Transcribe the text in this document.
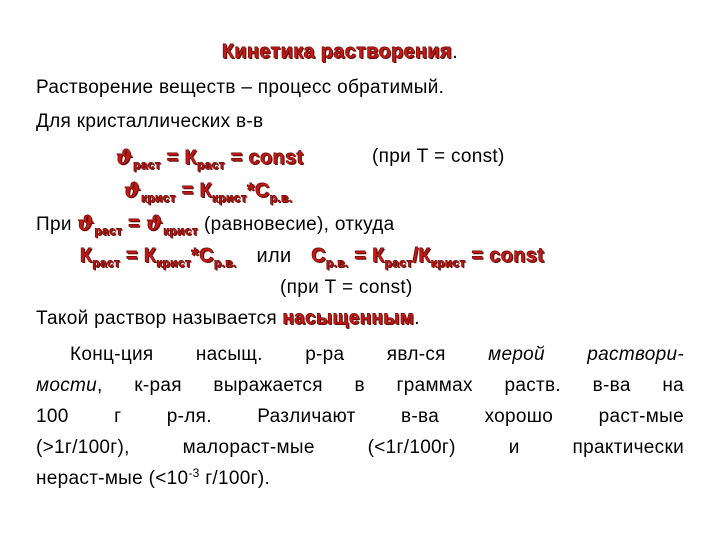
Кинетика растворения.
Растворение веществ – процесс обратимый.
Для кристаллических в-в
$ϑ_{раст} = К_{раст}$ = const	(при Т = const)
$ϑ_{крист} = К_{крист}*С_{р.в.}$
При $ϑ_{раст} = ϑ_{крист}$ (равновесие), откуда
$К_{раст} = К_{крист}*С_{р.в.}$ или $С_{р.в.} = К_{раст}/К_{крист}$ = const
(при Т = const)
Такой раствор называется насыщенным.
Конц-ция насыщ. р-ра явл-ся мерой раствори-
мости, к-рая выражается в граммах раств. в-ва на
100 г р-ля. Различают в-ва хорошо раст-мые
(>1г/100г), малораст-мые (<1г/100г) и практически
нераст-мые ($<10^{-3}$ г/100г).
